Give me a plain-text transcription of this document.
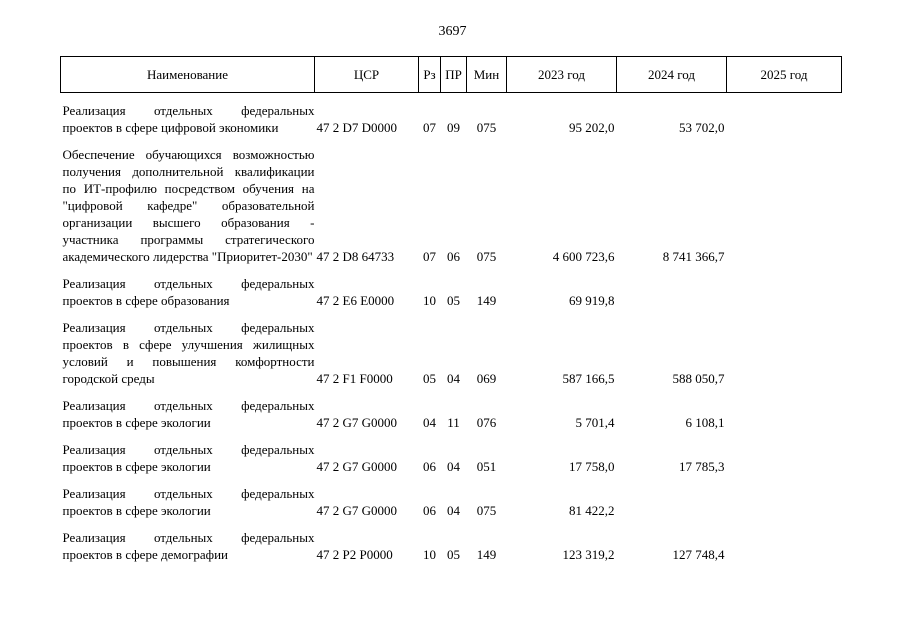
3697
Наименование	ЦСР	Рз	ПР	Мин	2023 год	2024 год	2025 год

Реализация отдельных федеральных проектов в сфере цифровой экономики	47 2 D7 D0000	07	09	075	95 202,0	53 702,0	

Обеспечение обучающихся возможностью получения дополнительной квалификации по ИТ-профилю посредством обучения на "цифровой кафедре" образовательной организации высшего образования - участника программы стратегического академического лидерства "Приоритет-2030"	47 2 D8 64733	07	06	075	4 600 723,6	8 741 366,7	

Реализация отдельных федеральных проектов в сфере образования	47 2 E6 E0000	10	05	149	69 919,8		

Реализация отдельных федеральных проектов в сфере улучшения жилищных условий и повышения комфортности городской среды	47 2 F1 F0000	05	04	069	587 166,5	588 050,7	

Реализация отдельных федеральных проектов в сфере экологии	47 2 G7 G0000	04	11	076	5 701,4	6 108,1	

Реализация отдельных федеральных проектов в сфере экологии	47 2 G7 G0000	06	04	051	17 758,0	17 785,3	

Реализация отдельных федеральных проектов в сфере экологии	47 2 G7 G0000	06	04	075	81 422,2		

Реализация отдельных федеральных проектов в сфере демографии	47 2 P2 P0000	10	05	149	123 319,2	127 748,4	
